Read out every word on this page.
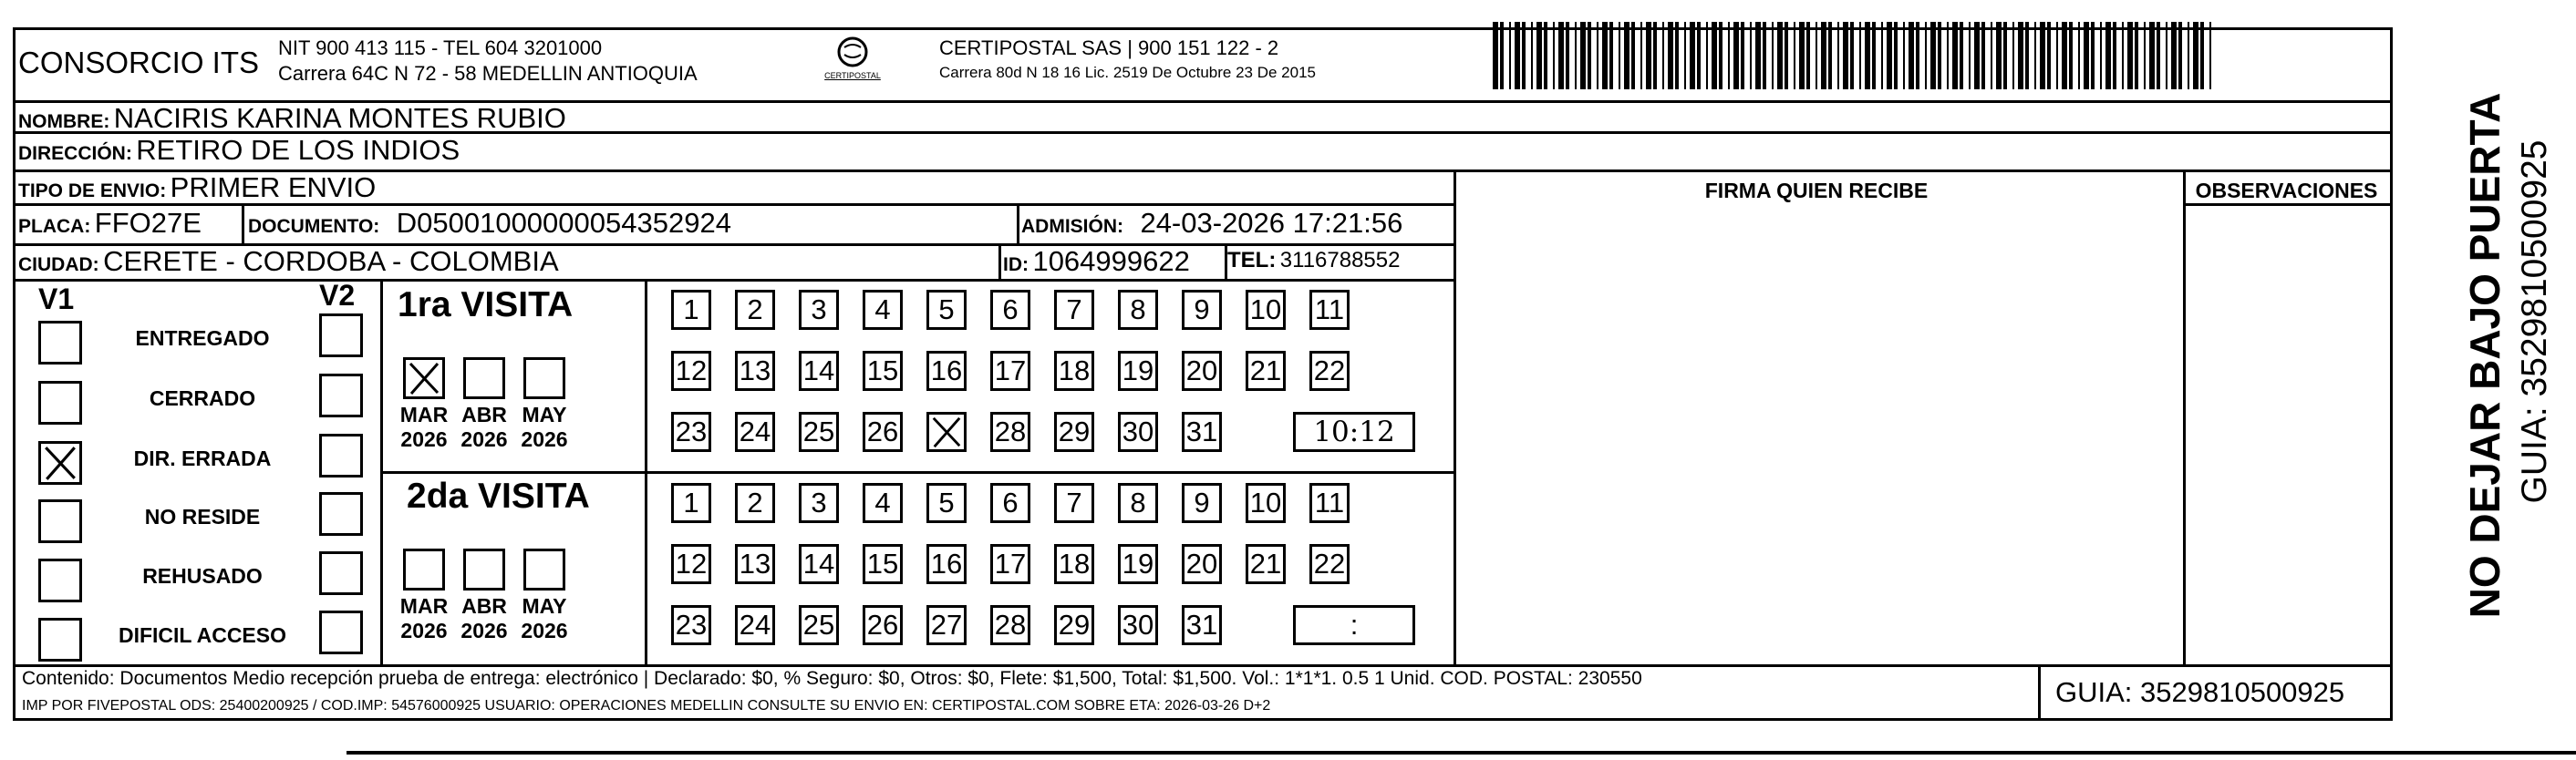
CONSORCIO ITS NIT 900 413 115 - TEL 604 3201000
Carrera 64C N 72 - 58 MEDELLIN ANTIOQUIA	CERTIPOSTAL
CERTIPOSTAL SAS | 900 151 122 - 2
Carrera 80d N 18 16 Lic. 2519 De Octubre 23 De 2015
NOMBRE: NACIRIS KARINA MONTES RUBIO
DIRECCIÓN: RETIRO DE LOS INDIOS
TIPO DE ENVIO: PRIMER ENVIO
PLACA: FFO27E DOCUMENTO: D05001000000054352924	ADMISIÓN: 24-03-2026 17:21:56
CIUDAD: CERETE - CORDOBA - COLOMBIA	ID: 1064999622 TEL: 3116788552
FIRMA QUIEN RECIBE	OBSERVACIONES
V1	V2
ENTREGADO
CERRADO
DIR. ERRADA
NO RESIDE
REHUSADO
DIFICIL ACCESO
1ra VISITA
2da VISITA
MAR
2026
ABR
2026
MAY
2026
MAR
2026
ABR
2026
MAY
2026
1	2	3	4	5	6	7	8	9	10 11
12 13 14 15 16 17 18 19 20 21 22
23 24 25 26	28 29 30 31	10:12
1	2	3	4	5	6	7	8	9	10 11
12 13 14 15 16 17 18 19 20 21 22
23 24 25 26 27 28 29 30 31	:
Contenido: Documentos Medio recepción prueba de entrega: electrónico | Declarado: $0, % Seguro: $0, Otros: $0, Flete: $1,500, Total: $1,500. Vol.: 1*1*1. 0.5 1 Unid. COD. POSTAL: 230550
IMP POR FIVEPOSTAL ODS: 25400200925 / COD.IMP: 54576000925 USUARIO: OPERACIONES MEDELLIN CONSULTE SU ENVIO EN: CERTIPOSTAL.COM SOBRE ETA: 2026-03-26 D+2	GUIA: 3529810500925
NO DEJAR BAJO PUERTA GUIA: 3529810500925
